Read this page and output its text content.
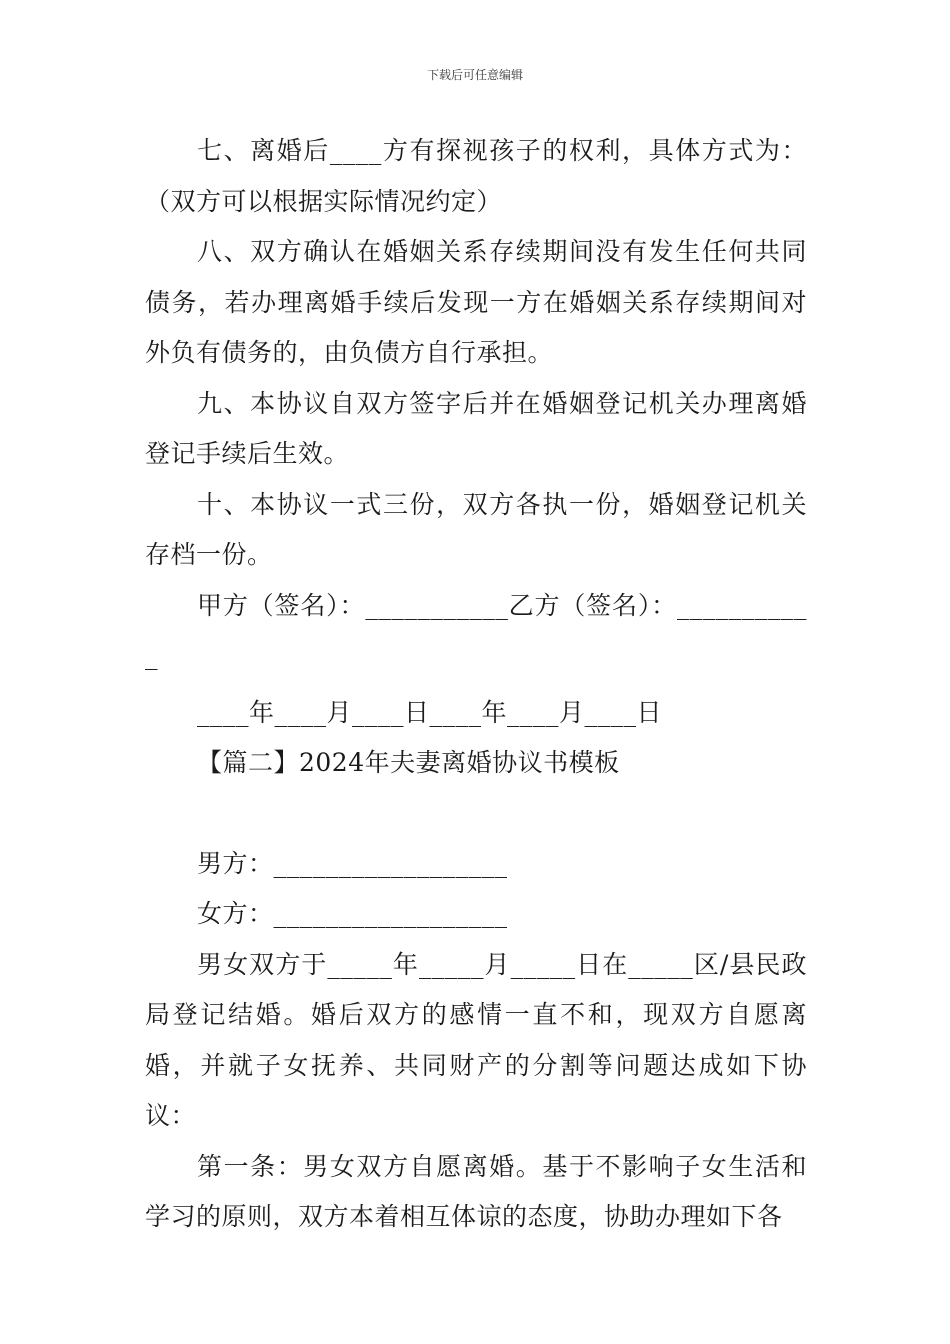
下载后可任意编辑

七、离婚后____方有探视孩子的权利，具体方式为：（双方可以根据实际情况约定）

八、双方确认在婚姻关系存续期间没有发生任何共同债务，若办理离婚手续后发现一方在婚姻关系存续期间对外负有债务的，由负债方自行承担。

九、本协议自双方签字后并在婚姻登记机关办理离婚登记手续后生效。

十、本协议一式三份，双方各执一份，婚姻登记机关存档一份。

甲方（签名）：___________乙方（签名）：___________

____年____月____日____年____月____日

【篇二】2024年夫妻离婚协议书模板

男方：__________________

女方：__________________

男女双方于_____年_____月_____日在_____区/县民政局登记结婚。婚后双方的感情一直不和，现双方自愿离婚，并就子女抚养、共同财产的分割等问题达成如下协议：

第一条：男女双方自愿离婚。基于不影响子女生活和学习的原则，双方本着相互体谅的态度，协助办理如下各
